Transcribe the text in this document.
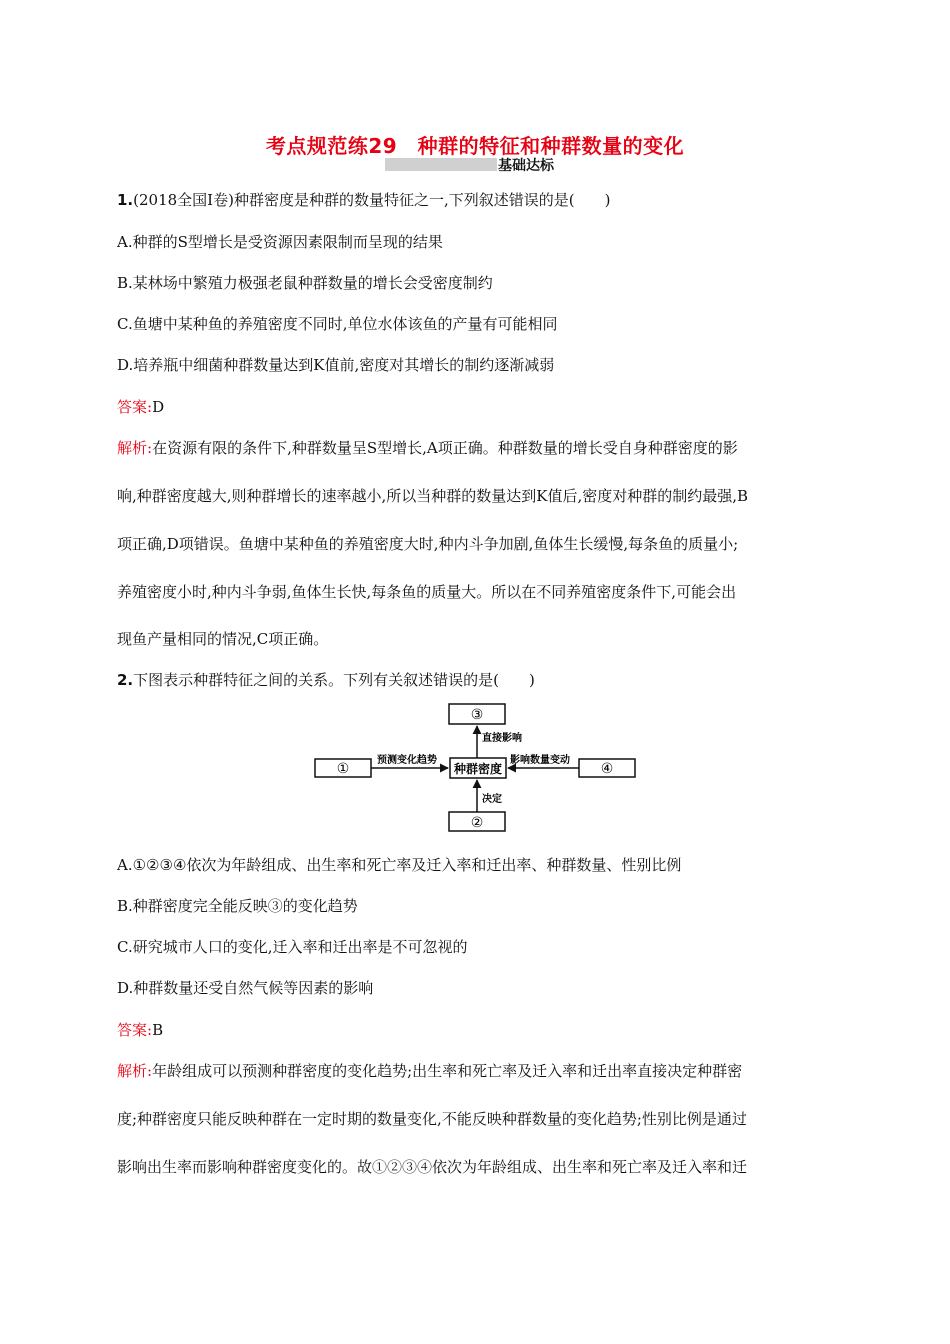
考点规范练29　种群的特征和种群数量的变化
基础达标
1.(2018全国Ⅰ卷)种群密度是种群的数量特征之一,下列叙述错误的是(　　)
A.种群的S型增长是受资源因素限制而呈现的结果
B.某林场中繁殖力极强老鼠种群数量的增长会受密度制约
C.鱼塘中某种鱼的养殖密度不同时,单位水体该鱼的产量有可能相同
D.培养瓶中细菌种群数量达到K值前,密度对其增长的制约逐渐减弱
答案:D
解析:在资源有限的条件下,种群数量呈S型增长,A项正确。种群数量的增长受自身种群密度的影
响,种群密度越大,则种群增长的速率越小,所以当种群的数量达到K值后,密度对种群的制约最强,B
项正确,D项错误。鱼塘中某种鱼的养殖密度大时,种内斗争加剧,鱼体生长缓慢,每条鱼的质量小;
养殖密度小时,种内斗争弱,鱼体生长快,每条鱼的质量大。所以在不同养殖密度条件下,可能会出
现鱼产量相同的情况,C项正确。
2.下图表示种群特征之间的关系。下列有关叙述错误的是(　　)
③
①	种群密度	④
②
直接影响
预测变化趋势	影响数量变动
决定
A.①②③④依次为年龄组成、出生率和死亡率及迁入率和迁出率、种群数量、性别比例
B.种群密度完全能反映③的变化趋势
C.研究城市人口的变化,迁入率和迁出率是不可忽视的
D.种群数量还受自然气候等因素的影响
答案:B
解析:年龄组成可以预测种群密度的变化趋势;出生率和死亡率及迁入率和迁出率直接决定种群密
度;种群密度只能反映种群在一定时期的数量变化,不能反映种群数量的变化趋势;性别比例是通过
影响出生率而影响种群密度变化的。故①②③④依次为年龄组成、出生率和死亡率及迁入率和迁
